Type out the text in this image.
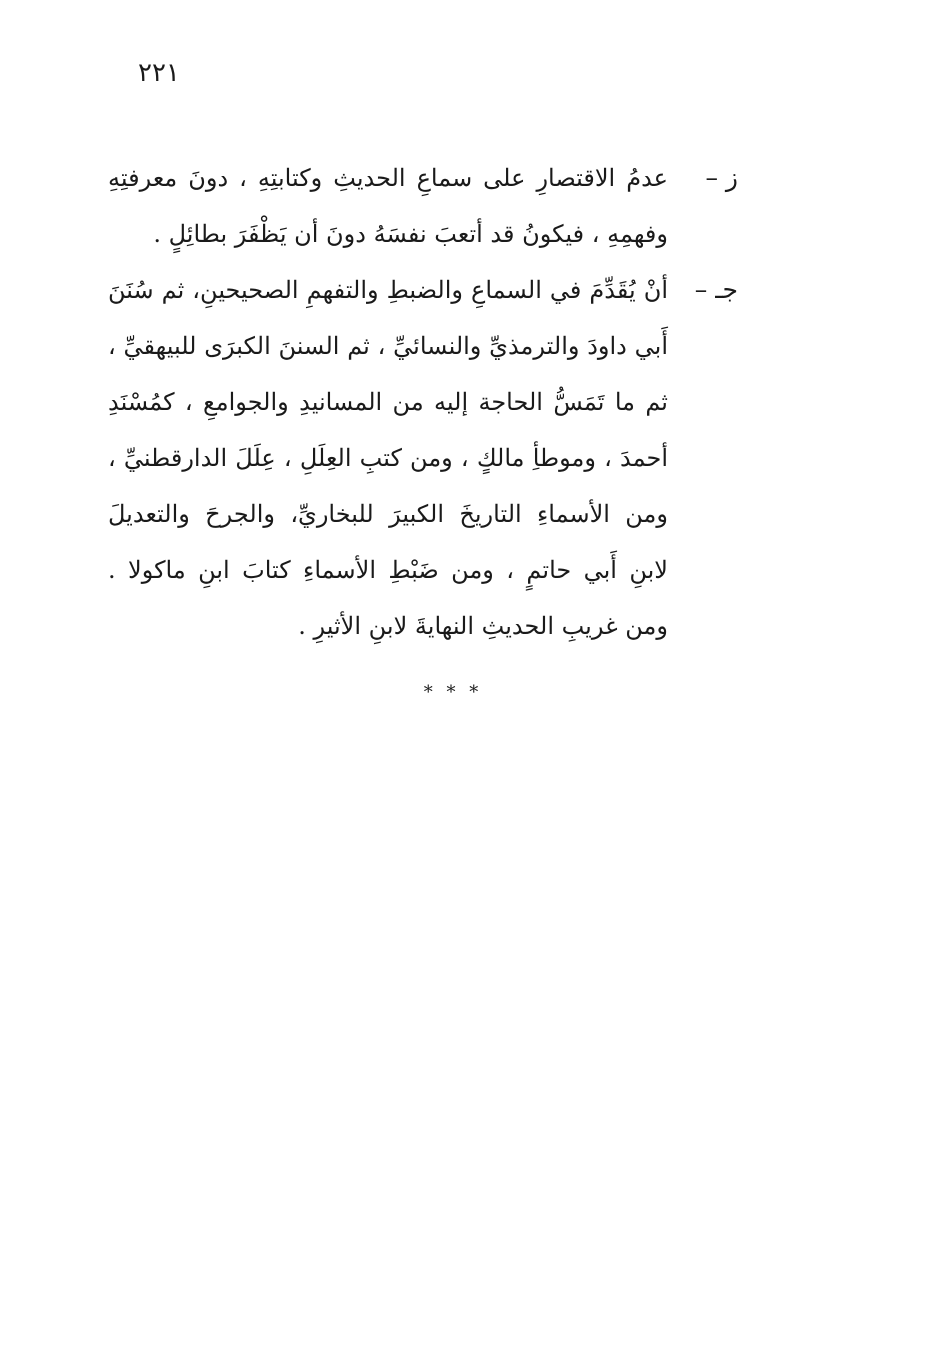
٢٢١
ز –
عدمُ الاقتصارِ على سماعِ الحديثِ وكتابتِهِ ، دونَ معرفتِهِ
وفهمِهِ ، فيكونُ قد أتعبَ نفسَهُ دونَ أن يَظْفَرَ بطائِلٍ .
جـ –
أنْ يُقَدِّمَ في السماعِ والضبطِ والتفهمِ الصحيحينِ، ثم سُنَنَ
أَبي داودَ والترمذيِّ والنسائيِّ ، ثم السننَ الكبرَى للبيهقيِّ ،
ثم ما تَمَسُّ الحاجة إليه من المسانيدِ والجوامعِ ، كمُسْنَدِ
أحمدَ ، وموطأِ مالكٍ ، ومن كتبِ العِلَلِ ، عِلَلَ الدارقطنيِّ ،
ومن الأسماءِ التاريخَ الكبيرَ للبخاريِّ، والجرحَ والتعديلَ
لابنِ أَبي حاتمٍ ، ومن ضَبْطِ الأسماءِ كتابَ ابنِ ماكولا .
ومن غريبِ الحديثِ النهايةَ لابنِ الأثيرِ .
* * *
